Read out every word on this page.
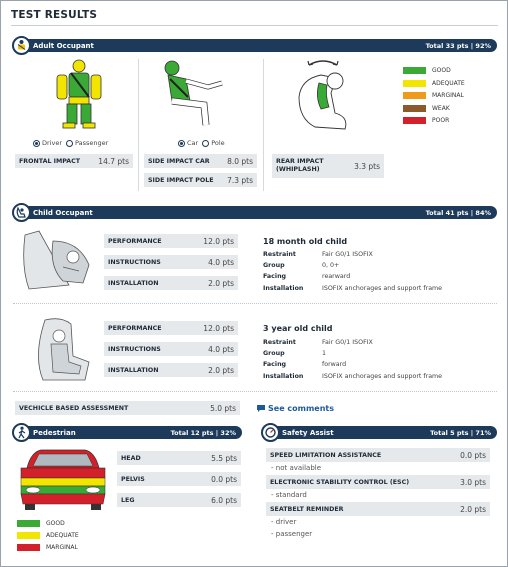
TEST RESULTS
Adult Occupant	Total 33 pts | 92%
Driver Passenger
FRONTAL IMPACT 14.7 pts
Car Pole
SIDE IMPACT CAR 8.0 pts
SIDE IMPACT POLE 7.3 pts
REAR IMPACT
(WHIPLASH)	3.3 pts
GOOD
ADEQUATE
MARGINAL
WEAK
POOR
Child Occupant	Total 41 pts | 84%
PERFORMANCE	12.0 pts
INSTRUCTIONS	4.0 pts
INSTALLATION	2.0 pts
18 month old child
Restraint	Fair G0/1 ISOFIX
Group	0, 0+
Facing	rearward
Installation	ISOFIX anchorages and support frame
PERFORMANCE	12.0 pts
INSTRUCTIONS	4.0 pts
INSTALLATION	2.0 pts
3 year old child
Restraint	Fair G0/1 ISOFIX
Group	1
Facing	forward
Installation	ISOFIX anchorages and support frame
VECHICLE BASED ASSESSMENT	5.0 pts	See comments
Pedestrian	Total 12 pts | 32%
HEAD	5.5 pts
PELVIS	0.0 pts
LEG	6.0 pts
GOOD
ADEQUATE
MARGINAL
Safety Assist	Total 5 pts | 71%
SPEED LIMITATION ASSISTANCE	0.0 pts
- not available
ELECTRONIC STABILITY CONTROL (ESC)	3.0 pts
- standard
SEATBELT REMINDER	2.0 pts
- driver
- passenger
